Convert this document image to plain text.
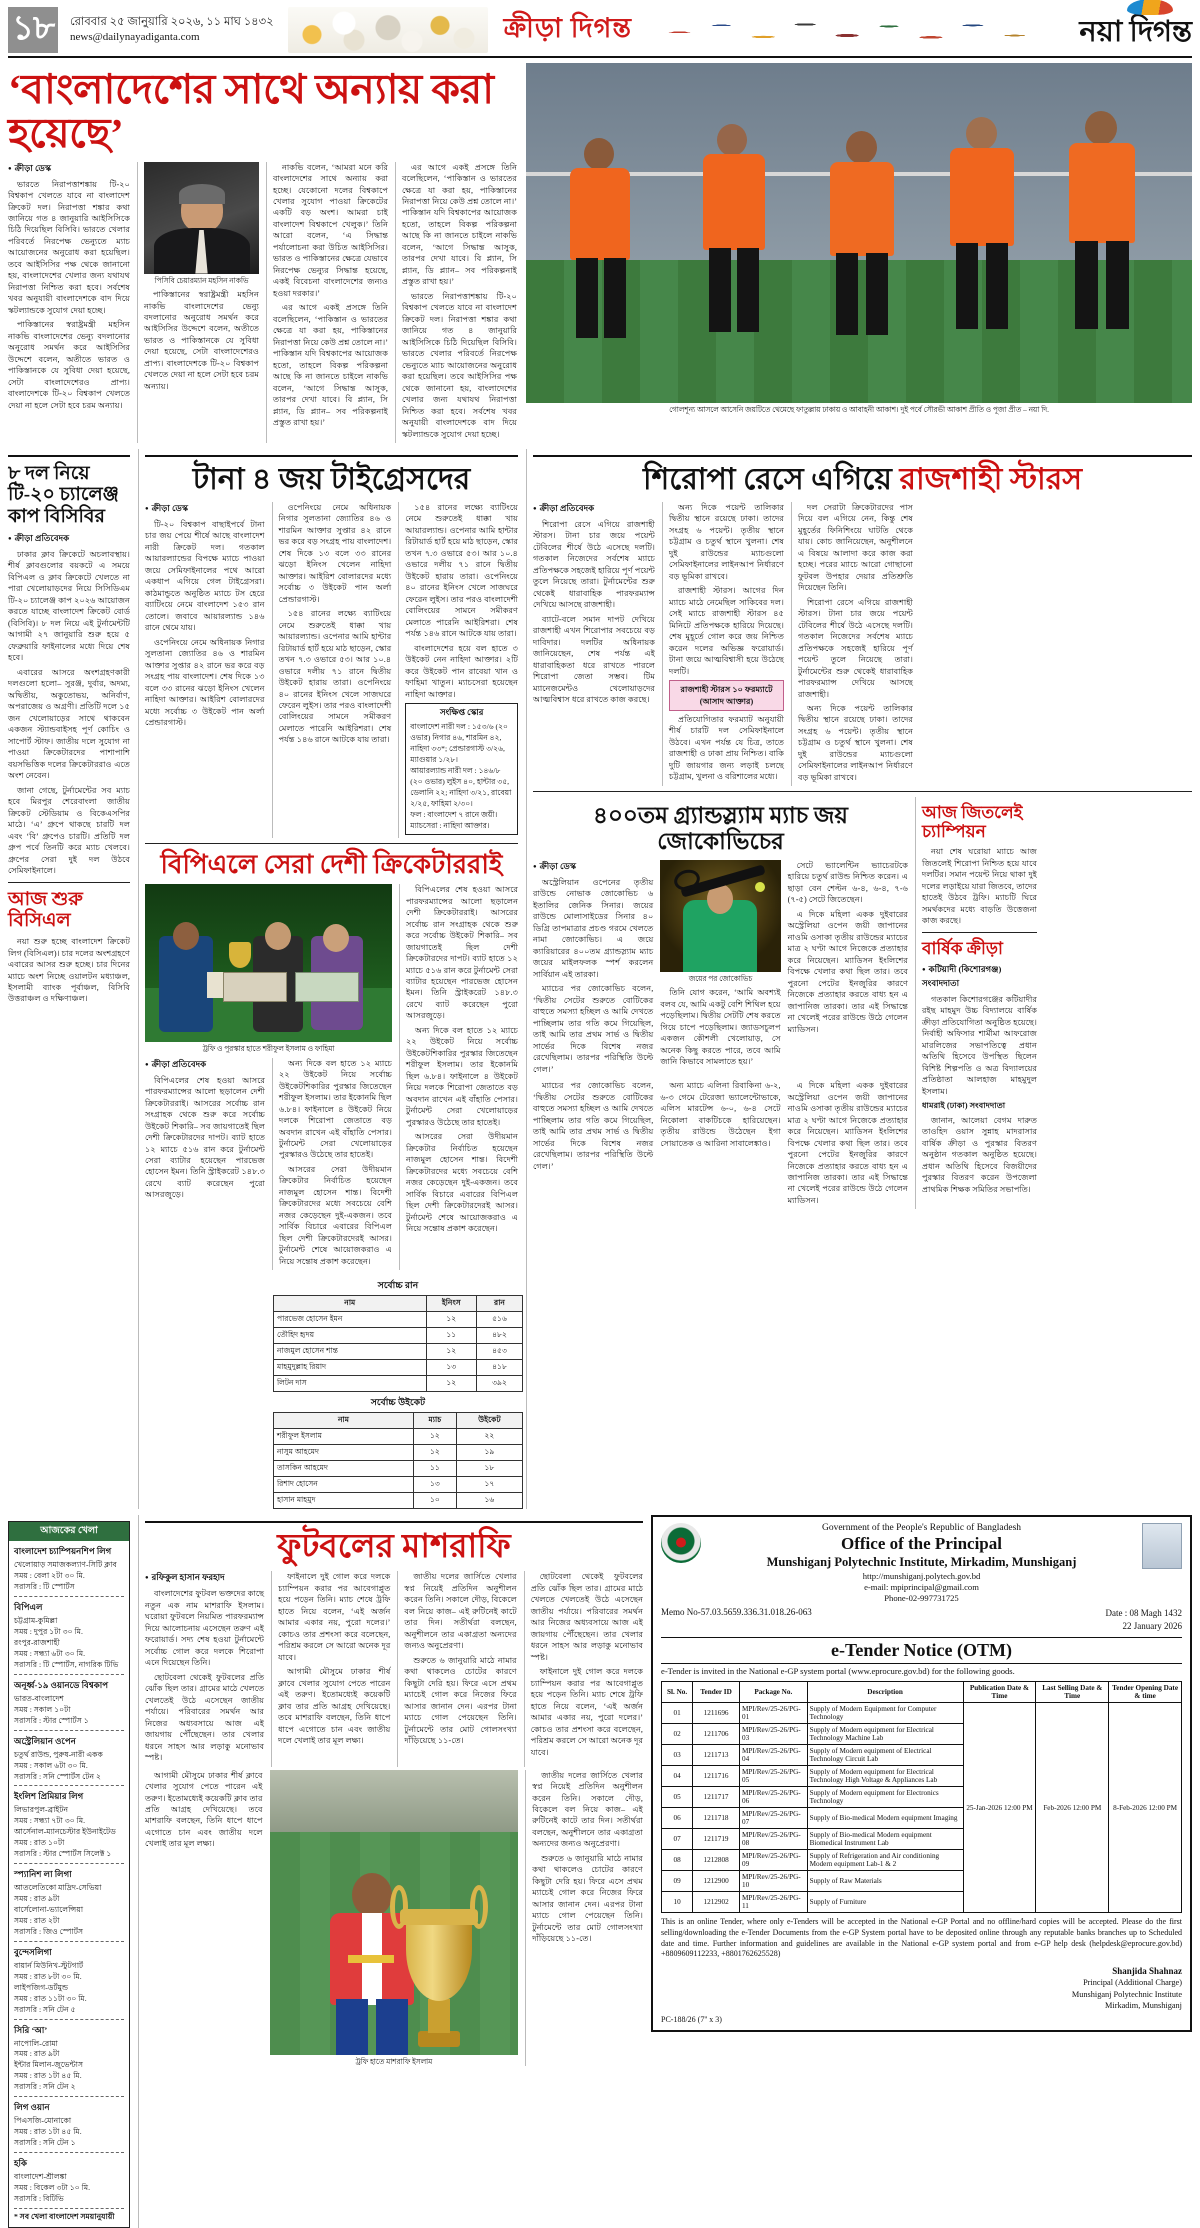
১৮	রোববার ২৫ জানুয়ারি ২০২৬, ১১ মাঘ ১৪৩২
news@dailynayadiganta.com	ক্রীড়া দিগন্ত	নয়া দিগন্ত
‘বাংলাদেশের সাথে অন্যায় করা হয়েছে’
● ক্রীড়া ডেস্ক

ভারতে নিরাপত্তাশঙ্কায় টি-২০ বিশ্বকাপ খেলতে যাবে না বাংলাদেশ ক্রিকেট দল। নিরাপত্তা শঙ্কার কথা জানিয়ে গত ৪ জানুয়ারি আইসিসিকে চিঠি দিয়েছিল বিসিবি। ভারতে খেলার পরিবর্তে নিরপেক্ষ ভেন্যুতে ম্যাচ আয়োজনের অনুরোধ করা হয়েছিল। তবে আইসিসির পক্ষ থেকে জানানো হয়, বাংলাদেশের খেলার জন্য যথাযথ নিরাপত্তা নিশ্চিত করা হবে। সর্বশেষ খবর অনুযায়ী বাংলাদেশকে বাদ দিয়ে স্কটল্যান্ডকে সুযোগ দেয়া হচ্ছে।

পাকিস্তানের স্বরাষ্ট্রমন্ত্রী মহসিন নাকভি বাংলাদেশের ভেন্যু বদলানোর অনুরোধ সমর্থন করে আইসিসির উদ্দেশে বলেন, অতীতে ভারত ও পাকিস্তানকে যে সুবিধা দেয়া হয়েছে, সেটা বাংলাদেশেরও প্রাপ্য। বাংলাদেশকে টি-২০ বিশ্বকাপ খেলতে দেয়া না হলে সেটা হবে চরম অন্যায়।

পিসিবি চেয়ারম্যান মহসিন নাকভি

পাকিস্তানের স্বরাষ্ট্রমন্ত্রী মহসিন নাকভি বাংলাদেশের ভেন্যু বদলানোর অনুরোধ সমর্থন করে আইসিসির উদ্দেশে বলেন, অতীতে ভারত ও পাকিস্তানকে যে সুবিধা দেয়া হয়েছে, সেটা বাংলাদেশেরও প্রাপ্য। বাংলাদেশকে টি-২০ বিশ্বকাপ খেলতে দেয়া না হলে সেটা হবে চরম অন্যায়।

নাকভি বলেন, ‘আমরা মনে করি বাংলাদেশের সাথে অন্যায় করা হচ্ছে। যেকোনো দলের বিশ্বকাপে খেলার সুযোগ পাওয়া ক্রিকেটের একটি বড় অংশ। আমরা চাই বাংলাদেশ বিশ্বকাপে খেলুক।’ তিনি আরো বলেন, ‘এ সিদ্ধান্ত পর্যালোচনা করা উচিত আইসিসির। ভারত ও পাকিস্তানের ক্ষেত্রে যেভাবে নিরপেক্ষ ভেন্যুর সিদ্ধান্ত হয়েছে, একই বিবেচনা বাংলাদেশের জন্যও হওয়া দরকার।’

এর আগে একই প্রসঙ্গে তিনি বলেছিলেন, ‘পাকিস্তান ও ভারতের ক্ষেত্রে যা করা হয়, পাকিস্তানের নিরাপত্তা নিয়ে কেউ প্রশ্ন তোলে না।’ পাকিস্তান যদি বিশ্বকাপের আয়োজক হতো, তাহলে বিকল্প পরিকল্পনা আছে কি না জানতে চাইলে নাকভি বলেন, ‘আগে সিদ্ধান্ত আসুক, তারপর দেখা যাবে। বি প্ল্যান, সি প্ল্যান, ডি প্ল্যান– সব পরিকল্পনাই প্রস্তুত রাখা হয়।’

এর আগে একই প্রসঙ্গে তিনি বলেছিলেন, ‘পাকিস্তান ও ভারতের ক্ষেত্রে যা করা হয়, পাকিস্তানের নিরাপত্তা নিয়ে কেউ প্রশ্ন তোলে না।’ পাকিস্তান যদি বিশ্বকাপের আয়োজক হতো, তাহলে বিকল্প পরিকল্পনা আছে কি না জানতে চাইলে নাকভি বলেন, ‘আগে সিদ্ধান্ত আসুক, তারপর দেখা যাবে। বি প্ল্যান, সি প্ল্যান, ডি প্ল্যান– সব পরিকল্পনাই প্রস্তুত রাখা হয়।’

ভারতে নিরাপত্তাশঙ্কায় টি-২০ বিশ্বকাপ খেলতে যাবে না বাংলাদেশ ক্রিকেট দল। নিরাপত্তা শঙ্কার কথা জানিয়ে গত ৪ জানুয়ারি আইসিসিকে চিঠি দিয়েছিল বিসিবি। ভারতে খেলার পরিবর্তে নিরপেক্ষ ভেন্যুতে ম্যাচ আয়োজনের অনুরোধ করা হয়েছিল। তবে আইসিসির পক্ষ থেকে জানানো হয়, বাংলাদেশের খেলার জন্য যথাযথ নিরাপত্তা নিশ্চিত করা হবে। সর্বশেষ খবর অনুযায়ী বাংলাদেশকে বাদ দিয়ে স্কটল্যান্ডকে সুযোগ দেয়া হচ্ছে।

গোলশূন্য আসলে আসেনি জয়টিতে থেমেছে ফাতুল্লায় ঢাকায় ও আবাহনী আকাশ। দুই পর্বে সৌরভী আকাশ প্রীতি ও পূজা প্রীত – নয়া দি.
৮ দল নিয়ে টি-২০ চ্যালেঞ্জ কাপ বিসিবির
● ক্রীড়া প্রতিবেদক

ঢাকার ক্লাব ক্রিকেটে অচলাবস্থায়। শীর্ষ ক্লাবগুলোর বয়কটে এ সময়ে বিপিএল ও ক্লাব ক্রিকেটে খেলতে না পারা খেলোয়াড়দের নিয়ে সিসিডিএম টি-২০ চ্যালেঞ্জ কাপ ২০২৬ আয়োজন করতে যাচ্ছে বাংলাদেশ ক্রিকেট বোর্ড (বিসিবি)। ৮ দল নিয়ে এই টুর্নামেন্টটি আগামী ২৭ জানুয়ারি শুরু হয়ে ৫ ফেব্রুয়ারি ফাইনালের মধ্যে দিয়ে শেষ হবে।

এবারের আসরে অংশগ্রহণকারী দলগুলো হলো– সুরঞ্জ, দুর্বার, অদম্য, অদ্বিতীয়, অকুতোভয়, অনির্বাণ, অপরাজেয় ও অগ্রণী। প্রতিটি দলে ১৫ জন খেলোয়াড়ের সাথে থাকবেন একজন স্ট্যান্ডবাইসহ পূর্ণ কোচিং ও সাপোর্ট স্টাফ। জাতীয় দলে সুযোগ না পাওয়া ক্রিকেটারদের পাশাপাশি বয়সভিত্তিক দলের ক্রিকেটাররাও এতে অংশ নেবেন।

জানা গেছে, টুর্নামেন্টের সব ম্যাচ হবে মিরপুর শেরেবাংলা জাতীয় ক্রিকেট স্টেডিয়াম ও বিকেএসপির মাঠে। ‘এ’ গ্রুপে থাকছে চারটি দল এবং ‘বি’ গ্রুপেও চারটি। প্রতিটি দল গ্রুপ পর্বে তিনটি করে ম্যাচ খেলবে। গ্রুপের সেরা দুই দল উঠবে সেমিফাইনালে।

আজ শুরু বিসিএল

নয়া শুরু হচ্ছে বাংলাদেশ ক্রিকেট লিগ (বিসিএল)। চার দলের অংশগ্রহণে এবারের আসর শুরু হচ্ছে। চার দিনের ম্যাচে অংশ নিচ্ছে ওয়ালটন মধ্যাঞ্চল, ইসলামী ব্যাংক পূর্বাঞ্চল, বিসিবি উত্তরাঞ্চল ও দক্ষিণাঞ্চল।

টানা ৪ জয় টাইগ্রেসদের
● ক্রীড়া ডেস্ক

টি-২০ বিশ্বকাপ বাছাইপর্বে টানা চার জয় পেয়ে শীর্ষে আছে বাংলাদেশ নারী ক্রিকেট দল। গতকাল আয়ারল্যান্ডের বিপক্ষে ম্যাচে পাওয়া জয়ে সেমিফাইনালের পথে আরো একধাপ এগিয়ে গেল টাইগ্রেসরা। কাঠমান্ডুতে অনুষ্ঠিত ম্যাচে টস হেরে ব্যাটিংয়ে নেমে বাংলাদেশ ১৫৩ রান তোলে। জবাবে আয়ারল্যান্ড ১৪৬ রানে থেমে যায়।

ওপেনিংয়ে নেমে অধিনায়ক নিগার সুলতানা জ্যোতির ৪৬ ও শারমিন আক্তার সুপ্তার ৪২ রানে ভর করে বড় সংগ্রহ পায় বাংলাদেশ। শেষ দিকে ১৩ বলে ৩৩ রানের ঝড়ো ইনিংস খেলেন নাহিদা আক্তার। আইরিশ বোলারদের মধ্যে সর্বোচ্চ ৩ উইকেট পান অর্লা প্রেন্ডারগাস্ট।

ওপেনিংয়ে নেমে অধিনায়ক নিগার সুলতানা জ্যোতির ৪৬ ও শারমিন আক্তার সুপ্তার ৪২ রানে ভর করে বড় সংগ্রহ পায় বাংলাদেশ। শেষ দিকে ১৩ বলে ৩৩ রানের ঝড়ো ইনিংস খেলেন নাহিদা আক্তার। আইরিশ বোলারদের মধ্যে সর্বোচ্চ ৩ উইকেট পান অর্লা প্রেন্ডারগাস্ট।

১৫৪ রানের লক্ষ্যে ব্যাটিংয়ে নেমে শুরুতেই ধাক্কা খায় আয়ারল্যান্ড। ওপেনার আমি হান্টার রিটায়ার্ড হার্ট হয়ে মাঠ ছাড়েন, স্কোর তখন ৭.৩ ওভারে ৫৩। আর ১০.৪ ওভারে দলীয় ৭১ রানে দ্বিতীয় উইকেট হারায় তারা। ওপেনিংয়ে ৪০ রানের ইনিংস খেলে সাজঘরে ফেরেন লুইস। তার পরও বাংলাদেশী বোলিংয়ের সামনে সমীকরণ মেলাতে পারেনি আইরিশরা। শেষ পর্যন্ত ১৪৬ রানে আটকে যায় তারা।

১৫৪ রানের লক্ষ্যে ব্যাটিংয়ে নেমে শুরুতেই ধাক্কা খায় আয়ারল্যান্ড। ওপেনার আমি হান্টার রিটায়ার্ড হার্ট হয়ে মাঠ ছাড়েন, স্কোর তখন ৭.৩ ওভারে ৫৩। আর ১০.৪ ওভারে দলীয় ৭১ রানে দ্বিতীয় উইকেট হারায় তারা। ওপেনিংয়ে ৪০ রানের ইনিংস খেলে সাজঘরে ফেরেন লুইস। তার পরও বাংলাদেশী বোলিংয়ের সামনে সমীকরণ মেলাতে পারেনি আইরিশরা। শেষ পর্যন্ত ১৪৬ রানে আটকে যায় তারা।

বাংলাদেশের হয়ে বল হাতে ৩ উইকেট নেন নাহিদা আক্তার। ২টি করে উইকেট পান রাবেয়া খান ও ফাহিমা খাতুন। ম্যাচসেরা হয়েছেন নাহিদা আক্তার।

সংক্ষিপ্ত স্কোর
বাংলাদেশ নারী দল : ১৫৩/৬ (২০ ওভার) নিগার ৪৬, শারমিন ৪২, নাহিদা ৩৩*; প্রেন্ডারগাস্ট ৩/২৬, ম্যাগুয়ার ১/২৮।
আয়ারল্যান্ড নারী দল : ১৪৬/৮ (২০ ওভার) লুইস ৪০, হান্টার ৩৫, ডেলানি ২২; নাহিদা ৩/২১, রাবেয়া ২/২৫, ফাহিমা ২/৩০।
ফল : বাংলাদেশ ৭ রানে জয়ী।
ম্যাচসেরা : নাহিদা আক্তার।
বিপিএলে সেরা দেশী ক্রিকেটাররাই
ট্রফি ও পুরস্কার হাতে শরীফুল ইসলাম ও ফাহিমা
● ক্রীড়া প্রতিবেদক

বিপিএলের শেষ হওয়া আসরে পারফরম্যান্সের আলো ছড়ালেন দেশী ক্রিকেটাররাই। আসরের সর্বোচ্চ রান সংগ্রাহক থেকে শুরু করে সর্বোচ্চ উইকেট শিকারি– সব জায়গাতেই ছিল দেশী ক্রিকেটারদের দাপট। ব্যাট হাতে ১২ ম্যাচে ৫১৬ রান করে টুর্নামেন্ট সেরা ব্যাটার হয়েছেন পারভেজ হোসেন ইমন। তিনি স্ট্রাইকরেট ১৪৮.৩ রেখে ব্যাট করেছেন পুরো আসরজুড়ে।

অন্য দিকে বল হাতে ১২ ম্যাচে ২২ উইকেট নিয়ে সর্বোচ্চ উইকেটশিকারির পুরস্কার জিতেছেন শরীফুল ইসলাম। তার ইকোনমি ছিল ৬.৮৪। ফাইনালে ৪ উইকেট নিয়ে দলকে শিরোপা জেতাতে বড় অবদান রাখেন এই বাঁহাতি পেসার। টুর্নামেন্ট সেরা খেলোয়াড়ের পুরস্কারও উঠেছে তার হাতেই।

আসরের সেরা উদীয়মান ক্রিকেটার নির্বাচিত হয়েছেন নাজমুল হোসেন শান্ত। বিদেশী ক্রিকেটারদের মধ্যে সবচেয়ে বেশি নজর কেড়েছেন দুই-একজন। তবে সার্বিক বিচারে এবারের বিপিএল ছিল দেশী ক্রিকেটারদেরই আসর। টুর্নামেন্ট শেষে আয়োজকরাও এ নিয়ে সন্তোষ প্রকাশ করেছেন।

বিপিএলের শেষ হওয়া আসরে পারফরম্যান্সের আলো ছড়ালেন দেশী ক্রিকেটাররাই। আসরের সর্বোচ্চ রান সংগ্রাহক থেকে শুরু করে সর্বোচ্চ উইকেট শিকারি– সব জায়গাতেই ছিল দেশী ক্রিকেটারদের দাপট। ব্যাট হাতে ১২ ম্যাচে ৫১৬ রান করে টুর্নামেন্ট সেরা ব্যাটার হয়েছেন পারভেজ হোসেন ইমন। তিনি স্ট্রাইকরেট ১৪৮.৩ রেখে ব্যাট করেছেন পুরো আসরজুড়ে।

অন্য দিকে বল হাতে ১২ ম্যাচে ২২ উইকেট নিয়ে সর্বোচ্চ উইকেটশিকারির পুরস্কার জিতেছেন শরীফুল ইসলাম। তার ইকোনমি ছিল ৬.৮৪। ফাইনালে ৪ উইকেট নিয়ে দলকে শিরোপা জেতাতে বড় অবদান রাখেন এই বাঁহাতি পেসার। টুর্নামেন্ট সেরা খেলোয়াড়ের পুরস্কারও উঠেছে তার হাতেই।

আসরের সেরা উদীয়মান ক্রিকেটার নির্বাচিত হয়েছেন নাজমুল হোসেন শান্ত। বিদেশী ক্রিকেটারদের মধ্যে সবচেয়ে বেশি নজর কেড়েছেন দুই-একজন। তবে সার্বিক বিচারে এবারের বিপিএল ছিল দেশী ক্রিকেটারদেরই আসর। টুর্নামেন্ট শেষে আয়োজকরাও এ নিয়ে সন্তোষ প্রকাশ করেছেন।

সর্বোচ্চ রান
নাম	ইনিংস	রান
পারভেজ হোসেন ইমন	১২	৫১৬
তৌহিদ হৃদয়	১১	৪৮২
নাজমুল হোসেন শান্ত	১২	৪৫৩
মাহমুদুল্লাহ রিয়াদ	১৩	৪১৮
লিটন দাস	১২	৩৯২
সর্বোচ্চ উইকেট
নাম	ম্যাচ	উইকেট
শরীফুল ইসলাম	১২	২২
নাসুম আহমেদ	১২	১৯
তাসকিন আহমেদ	১১	১৮
রিশাদ হোসেন	১৩	১৭
হাসান মাহমুদ	১০	১৬
শিরোপা রেসে এগিয়ে রাজশাহী স্টারস
● ক্রীড়া প্রতিবেদক

শিরোপা রেসে এগিয়ে রাজশাহী স্টারস। টানা চার জয়ে পয়েন্ট টেবিলের শীর্ষে উঠে এসেছে দলটি। গতকাল নিজেদের সর্বশেষ ম্যাচে প্রতিপক্ষকে সহজেই হারিয়ে পূর্ণ পয়েন্ট তুলে নিয়েছে তারা। টুর্নামেন্টের শুরু থেকেই ধারাবাহিক পারফরম্যান্স দেখিয়ে আসছে রাজশাহী।

ব্যাটে-বলে সমান দাপট দেখিয়ে রাজশাহী এখন শিরোপার সবচেয়ে বড় দাবিদার। দলটির অধিনায়ক জানিয়েছেন, শেষ পর্যন্ত এই ধারাবাহিকতা ধরে রাখতে পারলে শিরোপা জেতা সম্ভব। টিম ম্যানেজমেন্টও খেলোয়াড়দের আত্মবিশ্বাস ধরে রাখতে কাজ করছে।

অন্য দিকে পয়েন্ট তালিকার দ্বিতীয় স্থানে রয়েছে ঢাকা। তাদের সংগ্রহ ৬ পয়েন্ট। তৃতীয় স্থানে চট্টগ্রাম ও চতুর্থ স্থানে খুলনা। শেষ দুই রাউন্ডের ম্যাচগুলো সেমিফাইনালের লাইনআপ নির্ধারণে বড় ভূমিকা রাখবে।

রাজশাহী স্টারস। আগের দিন ম্যাচে মাঠে নেমেছিল সাকিবের দল। সেই ম্যাচে রাজশাহী স্টারস ৪৫ মিনিটে প্রতিপক্ষকে হারিয়ে দিয়েছে। শেষ মুহূর্তে গোল করে জয় নিশ্চিত করেন দলের অভিজ্ঞ ফরোয়ার্ড। টানা জয়ে আত্মবিশ্বাসী হয়ে উঠেছে দলটি।

রাজশাহী স্টারস ১০ ফরম্যাটে (আসাদ আক্তার)

প্রতিযোগিতার ফরম্যাট অনুযায়ী শীর্ষ চারটি দল সেমিফাইনালে উঠবে। এখন পর্যন্ত যে চিত্র, তাতে রাজশাহী ও ঢাকা প্রায় নিশ্চিত। বাকি দুটি জায়গার জন্য লড়াই চলছে চট্টগ্রাম, খুলনা ও বরিশালের মধ্যে।

দল সেরাটা ক্রিকেটারদের পাস দিয়ে বল এগিয়ে নেন, কিন্তু শেষ মুহূর্তের ফিনিশিংয়ে ঘাটতি থেকে যায়। কোচ জানিয়েছেন, অনুশীলনে এ বিষয়ে আলাদা করে কাজ করা হচ্ছে। পরের ম্যাচে আরো গোছানো ফুটবল উপহার দেয়ার প্রতিশ্রুতি দিয়েছেন তিনি।

শিরোপা রেসে এগিয়ে রাজশাহী স্টারস। টানা চার জয়ে পয়েন্ট টেবিলের শীর্ষে উঠে এসেছে দলটি। গতকাল নিজেদের সর্বশেষ ম্যাচে প্রতিপক্ষকে সহজেই হারিয়ে পূর্ণ পয়েন্ট তুলে নিয়েছে তারা। টুর্নামেন্টের শুরু থেকেই ধারাবাহিক পারফরম্যান্স দেখিয়ে আসছে রাজশাহী।

অন্য দিকে পয়েন্ট তালিকার দ্বিতীয় স্থানে রয়েছে ঢাকা। তাদের সংগ্রহ ৬ পয়েন্ট। তৃতীয় স্থানে চট্টগ্রাম ও চতুর্থ স্থানে খুলনা। শেষ দুই রাউন্ডের ম্যাচগুলো সেমিফাইনালের লাইনআপ নির্ধারণে বড় ভূমিকা রাখবে।

৪০০তম গ্র্যান্ডস্ল্যাম ম্যাচ জয় জোকোভিচের
● ক্রীড়া ডেস্ক

অস্ট্রেলিয়ান ওপেনের তৃতীয় রাউন্ডে নোভাক জোকোভিচ ৬ ইতালির জেনিক সিনার। জয়ের রাউন্ডে মোলাসাইডের সিনার ৪০ ডিগ্রি তাপমাত্রার প্রচণ্ড গরমে খেলতে নামা জোকোভিচ। এ জয়ে ক্যারিয়ারের ৪০০তম গ্র্যান্ডস্ল্যাম ম্যাচ জয়ের মাইলফলক স্পর্শ করলেন সার্বিয়ান এই তারকা।

ম্যাচের পর জোকোভিচ বলেন, ‘দ্বিতীয় সেটের শুরুতে বোটিকের বাহুতে সমস্যা হচ্ছিল ও আমি দেখতে পাচ্ছিলাম তার গতি কমে গিয়েছিল, তাই আমি তার প্রথম সার্ভ ও দ্বিতীয় সার্ভের দিকে বিশেষ নজর রেখেছিলাম। তারপর পরিস্থিতি উল্টে গেল।’

জয়ের পর জোকোভিচ

তিনি যোগ করেন, ‘আমি অবশ্যই বলব যে, আমি একটু বেশি শিথিল হয়ে পড়েছিলাম। দ্বিতীয় সেটটি শেষ করতে গিয়ে চাপে পড়েছিলাম। জ্যাডসচুলপ একজন কৌশলী খেলোয়াড়, সে অনেক কিছু করতে পারে, তবে আমি জানি কিভাবে সামলাতে হয়।’

সেটে ভ্যালেন্টিন ভ্যাচেরটকে হারিয়ে চতুর্থ রাউন্ড নিশ্চিত করেন। এ ছাড়া বেন শেল্টন ৬-৪, ৬-৪, ৭-৬ (৭-৫) সেটে জিতেছেন।

এ দিকে মহিলা একক দুইবারের অস্ট্রেলিয়া ওপেন জয়ী জাপানের নাওমি ওসাকা তৃতীয় রাউন্ডের ম্যাচের মাত্র ২ ঘণ্টা আগে নিজেকে প্রত্যাহার করে নিয়েছেন। ম্যাডিসন ইংলিশের বিপক্ষে খেলার কথা ছিল তার। তবে পুরনো পেটের ইনজুরির কারণে নিজেকে প্রত্যাহার করতে বাধ্য হন এ জাপানিজ তারকা। তার এই সিদ্ধান্তে না খেলেই পরের রাউন্ডে উঠে গেলেন ম্যাডিসন।

ম্যাচের পর জোকোভিচ বলেন, ‘দ্বিতীয় সেটের শুরুতে বোটিকের বাহুতে সমস্যা হচ্ছিল ও আমি দেখতে পাচ্ছিলাম তার গতি কমে গিয়েছিল, তাই আমি তার প্রথম সার্ভ ও দ্বিতীয় সার্ভের দিকে বিশেষ নজর রেখেছিলাম। তারপর পরিস্থিতি উল্টে গেল।’

অন্য ম্যাচে এলিনা রিবাকিনা ৬-২, ৬-৩ গেমে টেরেজা ভ্যালেন্টোভাকে, এলিস মারটেন্স ৬-০, ৬-৪ সেটে নিকোলা বাকটিচকে হারিয়েছেন। তৃতীয় রাউন্ডে উঠেছেন ইগা সোয়াতেক ও আরিনা সাবালেঙ্কাও।

এ দিকে মহিলা একক দুইবারের অস্ট্রেলিয়া ওপেন জয়ী জাপানের নাওমি ওসাকা তৃতীয় রাউন্ডের ম্যাচের মাত্র ২ ঘণ্টা আগে নিজেকে প্রত্যাহার করে নিয়েছেন। ম্যাডিসন ইংলিশের বিপক্ষে খেলার কথা ছিল তার। তবে পুরনো পেটের ইনজুরির কারণে নিজেকে প্রত্যাহার করতে বাধ্য হন এ জাপানিজ তারকা। তার এই সিদ্ধান্তে না খেলেই পরের রাউন্ডে উঠে গেলেন ম্যাডিসন।

আজ জিতলেই চ্যাম্পিয়ন

নয়া শেষ ঘরোয়া ম্যাচে আজ জিতলেই শিরোপা নিশ্চিত হয়ে যাবে দলটির। সমান পয়েন্ট নিয়ে থাকা দুই দলের লড়াইয়ে যারা জিতবে, তাদের হাতেই উঠবে ট্রফি। ম্যাচটি ঘিরে সমর্থকদের মধ্যে বাড়তি উত্তেজনা কাজ করছে।

বার্ষিক ক্রীড়া
● কটিয়াদী (কিশোরগঞ্জ) সংবাদদাতা

গতকাল কিশোরগঞ্জের কটিয়াদীর রইছ মাহমুদ উচ্চ বিদ্যালয়ে বার্ষিক ক্রীড়া প্রতিযোগিতা অনুষ্ঠিত হয়েছে। নির্বাহী অফিসার শার্মীমা আফরোজ মারলিজের সভাপতিত্বে প্রধান অতিথি হিসেবে উপস্থিত ছিলেন বিশিষ্ট শিল্পপতি ও অত্র বিদ্যালয়ের প্রতিষ্ঠাতা আলহাজ মাহমুদুল ইসলাম।

ধামরাই (ঢাকা) সংবাদদাতা

জানান, আলেয়া বেগম দারুত তাওহিদ ওয়াস সুন্নাহ মাদরাসার বার্ষিক ক্রীড়া ও পুরস্কার বিতরণ অনুষ্ঠান গতকাল অনুষ্ঠিত হয়েছে। প্রধান অতিথি হিসেবে বিজয়ীদের পুরস্কার বিতরণ করেন উপজেলা প্রাথমিক শিক্ষক সমিতির সভাপতি।

আজকের খেলা
বাংলাদেশ চ্যাম্পিয়নশিপ লিগ

খেলোয়াড় সমাজকল্যাণ-সিটি ক্লাব

সময় : বেলা ২টা ৩০ মি.

সরাসরি : টি স্পোর্টস

বিপিএল

চট্টগ্রাম-কুমিল্লা

সময় : দুপুর ১টা ৩০ মি.

রংপুর-রাজশাহী

সময় : সন্ধ্যা ৬টা ৩০ মি.

সরাসরি : টি স্পোর্টস, নাগরিক টিভি

অনূর্ধ্ব-১৯ ওয়ানডে বিশ্বকাপ

ভারত-বাংলাদেশ

সময় : সকাল ১০টা

সরাসরি : স্টার স্পোর্টস ১

অস্ট্রেলিয়ান ওপেন

চতুর্থ রাউন্ড, পুরুষ-নারী একক

সময় : সকাল ৬টা ৩০ মি.

সরাসরি : সনি স্পোর্টস টেন ২

ইংলিশ প্রিমিয়ার লিগ

লিভারপুল-ব্রাইটন

সময় : সন্ধ্যা ৭টা ৩০ মি.

আর্সেনাল-ম্যানচেস্টার ইউনাইটেড

সময় : রাত ১০টা

সরাসরি : স্টার স্পোর্টস সিলেক্ট ১

স্প্যানিশ লা লিগা

আতলেতিকো মাদ্রিদ-সেভিয়া

সময় : রাত ৯টা

বার্সেলোনা-ভ্যালেন্সিয়া

সময় : রাত ২টা

সরাসরি : জিও স্পোর্টস

বুন্দেসলিগা

বায়ার্ন মিউনিখ-স্টুটগার্ট

সময় : রাত ৮টা ৩০ মি.

লাইপজিগ-ডর্টমুন্ড

সময় : রাত ১১টা ৩০ মি.

সরাসরি : সনি টেন ৫

সিরি ‘আ’

নাপোলি-রোমা

সময় : রাত ৯টা

ইন্টার মিলান-জুভেন্টাস

সময় : রাত ১টা ৪৫ মি.

সরাসরি : সনি টেন ২

লিগ ওয়ান

পিএসজি-মোনাকো

সময় : রাত ১টা ৪৫ মি.

সরাসরি : সনি টেন ১

হকি

বাংলাদেশ-শ্রীলঙ্কা

সময় : বিকেল ৩টা ১০ মি.

সরাসরি : বিটিভি

* সব খেলা বাংলাদেশ সময়ানুযায়ী

ফুটবলের মাশরাফি
● রফিকুল হাসান ফরহাদ

বাংলাদেশের ফুটবল ভক্তদের কাছে নতুন এক নাম মাশরাফি ইসলাম। ঘরোয়া ফুটবলে নিয়মিত পারফরম্যান্স দিয়ে আলোচনায় এসেছেন তরুণ এই ফরোয়ার্ড। সদ্য শেষ হওয়া টুর্নামেন্টে সর্বোচ্চ গোল করে দলকে শিরোপা এনে দিয়েছেন তিনি।

ছোটবেলা থেকেই ফুটবলের প্রতি ঝোঁক ছিল তার। গ্রামের মাঠে খেলতে খেলতেই উঠে এসেছেন জাতীয় পর্যায়ে। পরিবারের সমর্থন আর নিজের অধ্যবসায়ে আজ এই জায়গায় পৌঁছেছেন। তার খেলার ধরনে সাহস আর লড়াকু মনোভাব স্পষ্ট।

ফাইনালে দুই গোল করে দলকে চ্যাম্পিয়ন করার পর আবেগাপ্লুত হয়ে পড়েন তিনি। ম্যাচ শেষে ট্রফি হাতে নিয়ে বলেন, ‘এই অর্জন আমার একার নয়, পুরো দলের।’ কোচও তার প্রশংসা করে বলেছেন, পরিশ্রম করলে সে আরো অনেক দূর যাবে।

আগামী মৌসুমে ঢাকার শীর্ষ ক্লাবে খেলার সুযোগ পেতে পারেন এই তরুণ। ইতোমধ্যেই কয়েকটি ক্লাব তার প্রতি আগ্রহ দেখিয়েছে। তবে মাশরাফি বলছেন, তিনি ধাপে ধাপে এগোতে চান এবং জাতীয় দলে খেলাই তার মূল লক্ষ্য।

জাতীয় দলের জার্সিতে খেলার স্বপ্ন নিয়েই প্রতিদিন অনুশীলন করেন তিনি। সকালে দৌড়, বিকেলে বল নিয়ে কাজ– এই রুটিনেই কাটে তার দিন। সতীর্থরা বলছেন, অনুশীলনে তার একাগ্রতা অন্যদের জন্যও অনুপ্রেরণা।

শুরুতে ৬ জানুয়ারি মাঠে নামার কথা থাকলেও চোটের কারণে কিছুটা দেরি হয়। ফিরে এসে প্রথম ম্যাচেই গোল করে নিজের ফিরে আসার জানান দেন। এরপর টানা ম্যাচে গোল পেয়েছেন তিনি। টুর্নামেন্টে তার মোট গোলসংখ্যা দাঁড়িয়েছে ১১-তে।

ছোটবেলা থেকেই ফুটবলের প্রতি ঝোঁক ছিল তার। গ্রামের মাঠে খেলতে খেলতেই উঠে এসেছেন জাতীয় পর্যায়ে। পরিবারের সমর্থন আর নিজের অধ্যবসায়ে আজ এই জায়গায় পৌঁছেছেন। তার খেলার ধরনে সাহস আর লড়াকু মনোভাব স্পষ্ট।

ফাইনালে দুই গোল করে দলকে চ্যাম্পিয়ন করার পর আবেগাপ্লুত হয়ে পড়েন তিনি। ম্যাচ শেষে ট্রফি হাতে নিয়ে বলেন, ‘এই অর্জন আমার একার নয়, পুরো দলের।’ কোচও তার প্রশংসা করে বলেছেন, পরিশ্রম করলে সে আরো অনেক দূর যাবে।

আগামী মৌসুমে ঢাকার শীর্ষ ক্লাবে খেলার সুযোগ পেতে পারেন এই তরুণ। ইতোমধ্যেই কয়েকটি ক্লাব তার প্রতি আগ্রহ দেখিয়েছে। তবে মাশরাফি বলছেন, তিনি ধাপে ধাপে এগোতে চান এবং জাতীয় দলে খেলাই তার মূল লক্ষ্য।

ট্রফি হাতে মাশরাফি ইসলাম

জাতীয় দলের জার্সিতে খেলার স্বপ্ন নিয়েই প্রতিদিন অনুশীলন করেন তিনি। সকালে দৌড়, বিকেলে বল নিয়ে কাজ– এই রুটিনেই কাটে তার দিন। সতীর্থরা বলছেন, অনুশীলনে তার একাগ্রতা অন্যদের জন্যও অনুপ্রেরণা।

শুরুতে ৬ জানুয়ারি মাঠে নামার কথা থাকলেও চোটের কারণে কিছুটা দেরি হয়। ফিরে এসে প্রথম ম্যাচেই গোল করে নিজের ফিরে আসার জানান দেন। এরপর টানা ম্যাচে গোল পেয়েছেন তিনি। টুর্নামেন্টে তার মোট গোলসংখ্যা দাঁড়িয়েছে ১১-তে।

Government of the People's Republic of Bangladesh

Office of the Principal

Munshiganj Polytechnic Institute, Mirkadim, Munshiganj

http://munshiganj.polytech.gov.bd

e-mail: mpiprincipal@gmail.com

Phone-02-997731725

Memo No-57.03.5659.336.31.018.26-063	Date : 08 Magh 1432
22 January 2026
e-Tender Notice (OTM)
e-Tender is invited in the National e-GP system portal (www.eprocure.gov.bd) for the following goods.
Sl. No.	Tender ID	Package No.	Description	Publication Date & Time	Last Selling Date & Time	Tender Opening Date & time
01	1211696	MPI/Rev/25-26/PG-01	Supply of Modern Equipment for Computer Technology	25-Jan-2026 12:00 PM	Feb-2026 12:00 PM	8-Feb-2026 12:00 PM
02	1211706	MPI/Rev/25-26/PG-03	Supply of Modern equipment for Electrical Technology Machine Lab			
03	1211713	MPI/Rev/25-26/PG-04	Supply of Modern equipment of Electrical Technology Circuit Lab			
04	1211716	MPI/Rev/25-26/PG-05	Supply of Modern equipment for Electrical Technology High Voltage & Appliances Lab			
05	1211717	MPI/Rev/25-26/PG-06	Supply of Modern equipment for Electronics Technology			
06	1211718	MPI/Rev/25-26/PG-07	Supply of Bio-medical Modern equipment Imaging			
07	1211719	MPI/Rev/25-26/PG-08	Supply of Bio-medical Modern equipment Biomedical Instrument Lab			
08	1212808	MPI/Rev/25-26/PG-09	Supply of Refrigeration and Air conditioning Modern equipment Lab-1 & 2			
09	1212900	MPI/Rev/25-26/PG-10	Supply of Raw Materials			
10	1212902	MPI/Rev/25-26/PG-11	Supply of Furniture			
This is an online Tender, where only e-Tenders will be accepted in the National e-GP Portal and no offline/hard copies will be accepted. Please do the first selling/downloading the e-Tender Documents from the e-GP System portal have to be deposited online through any reputable banks branches up to Scheduled date and time. Further information and guidelines are available in the National e-GP system portal and from e-GP help desk (helpdesk@eprocure.gov.bd) +8809609112233, +8801762625528)
Shanjida Shahnaz
Principal (Additional Charge)
Munshiganj Polytechnic Institute
Mirkadim, Munshiganj
PC-188/26 (7'' x 3)
